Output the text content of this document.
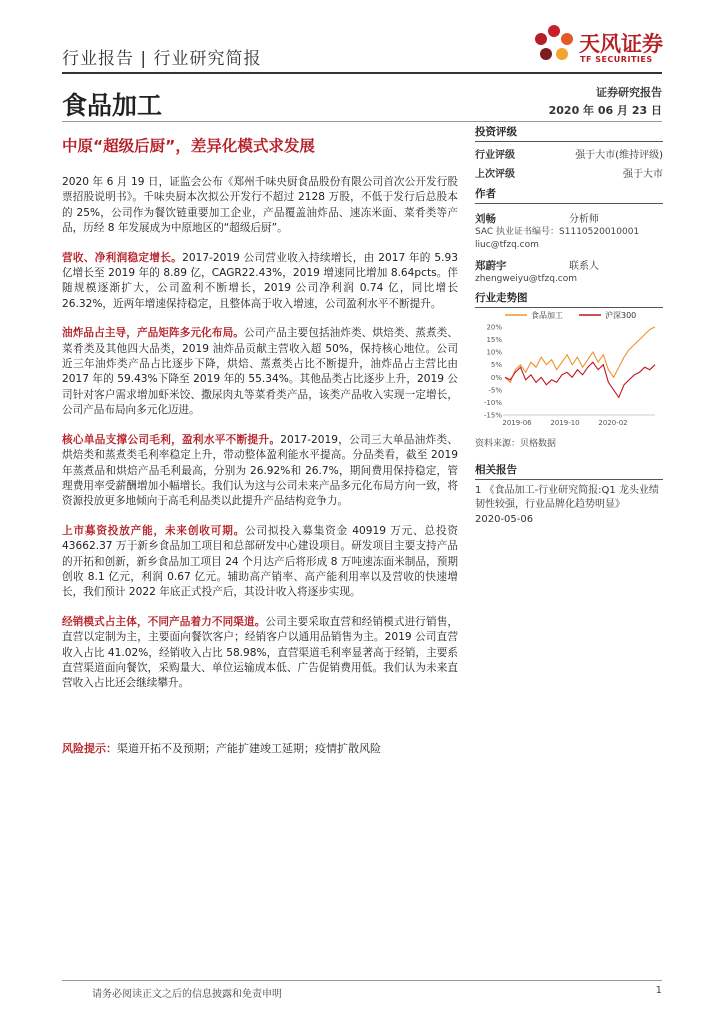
行业报告 | 行业研究简报
天风证券
TF SECURITIES
食品加工	证券研究报告
2020 年 06 月 23 日
中原“超级后厨”，差异化模式求发展

2020 年 6 月 19 日，证监会公布《郑州千味央厨食品股份有限公司首次公开发行股票招股说明书》。千味央厨本次拟公开发行不超过 2128 万股，不低于发行后总股本的 25%，公司作为餐饮链重要加工企业，产品覆盖油炸品、速冻米面、菜肴类等产品，历经 8 年发展成为中原地区的“超级后厨”。

营收、净利润稳定增长。2017-2019 公司营业收入持续增长，由 2017 年的 5.93 亿增长至 2019 年的 8.89 亿，CAGR22.43%，2019 增速同比增加 8.64pcts。伴随规模逐渐扩大，公司盈利不断增长，2019 公司净利润 0.74 亿，同比增长 26.32%，近两年增速保持稳定，且整体高于收入增速，公司盈利水平不断提升。

油炸品占主导，产品矩阵多元化布局。公司产品主要包括油炸类、烘焙类、蒸煮类、菜肴类及其他四大品类，2019 油炸品贡献主营收入超 50%，保持核心地位。公司近三年油炸类产品占比逐步下降，烘焙、蒸煮类占比不断提升，油炸品占主营比由 2017 年的 59.43%下降至 2019 年的 55.34%。其他品类占比逐步上升，2019 公司针对客户需求增加虾米饺、撒尿肉丸等菜肴类产品，该类产品收入实现一定增长，公司产品布局向多元化迈进。

核心单品支撑公司毛利，盈利水平不断提升。2017-2019，公司三大单品油炸类、烘焙类和蒸煮类毛利率稳定上升，带动整体盈利能水平提高。分品类看，截至 2019 年蒸煮品和烘焙产品毛利最高，分别为 26.92%和 26.7%，期间费用保持稳定，管理费用率受薪酬增加小幅增长。我们认为这与公司未来产品多元化布局方向一致，将资源投放更多地倾向于高毛利品类以此提升产品结构竞争力。

上市募资投放产能，未来创收可期。公司拟投入募集资金 40919 万元、总投资 43662.37 万于新乡食品加工项目和总部研发中心建设项目。研发项目主要支持产品的开拓和创新，新乡食品加工项目 24 个月达产后将形成 8 万吨速冻面米制品，预期创收 8.1 亿元，利润 0.67 亿元。辅助高产销率、高产能利用率以及营收的快速增长，我们预计 2022 年底正式投产后，其设计收入将逐步实现。

经销模式占主体，不同产品着力不同渠道。公司主要采取直营和经销模式进行销售，直营以定制为主，主要面向餐饮客户；经销客户以通用品销售为主。2019 公司直营收入占比 41.02%，经销收入占比 58.98%，直营渠道毛利率显著高于经销，主要系直营渠道面向餐饮，采购量大、单位运输成本低、广告促销费用低。我们认为未来直营收入占比还会继续攀升。

风险提示：渠道开拓不及预期；产能扩建竣工延期；疫情扩散风险
投资评级
行业评级	强于大市(维持评级)
上次评级	强于大市
作者
刘畅	分析师
SAC 执业证书编号：S1110520010001
liuc@tfzq.com
郑蔚宇	联系人
zhengweiyu@tfzq.com
行业走势图
食品加工	沪深300
20%
15%
10%
5%
0%
-5%
-10%
-15%
2019-06	2019-10	2020-02
资料来源：贝格数据
相关报告
1 《食品加工-行业研究简报:Q1 龙头业绩韧性较强，行业品牌化趋势明显》
2020-05-06
请务必阅读正文之后的信息披露和免责申明	1
